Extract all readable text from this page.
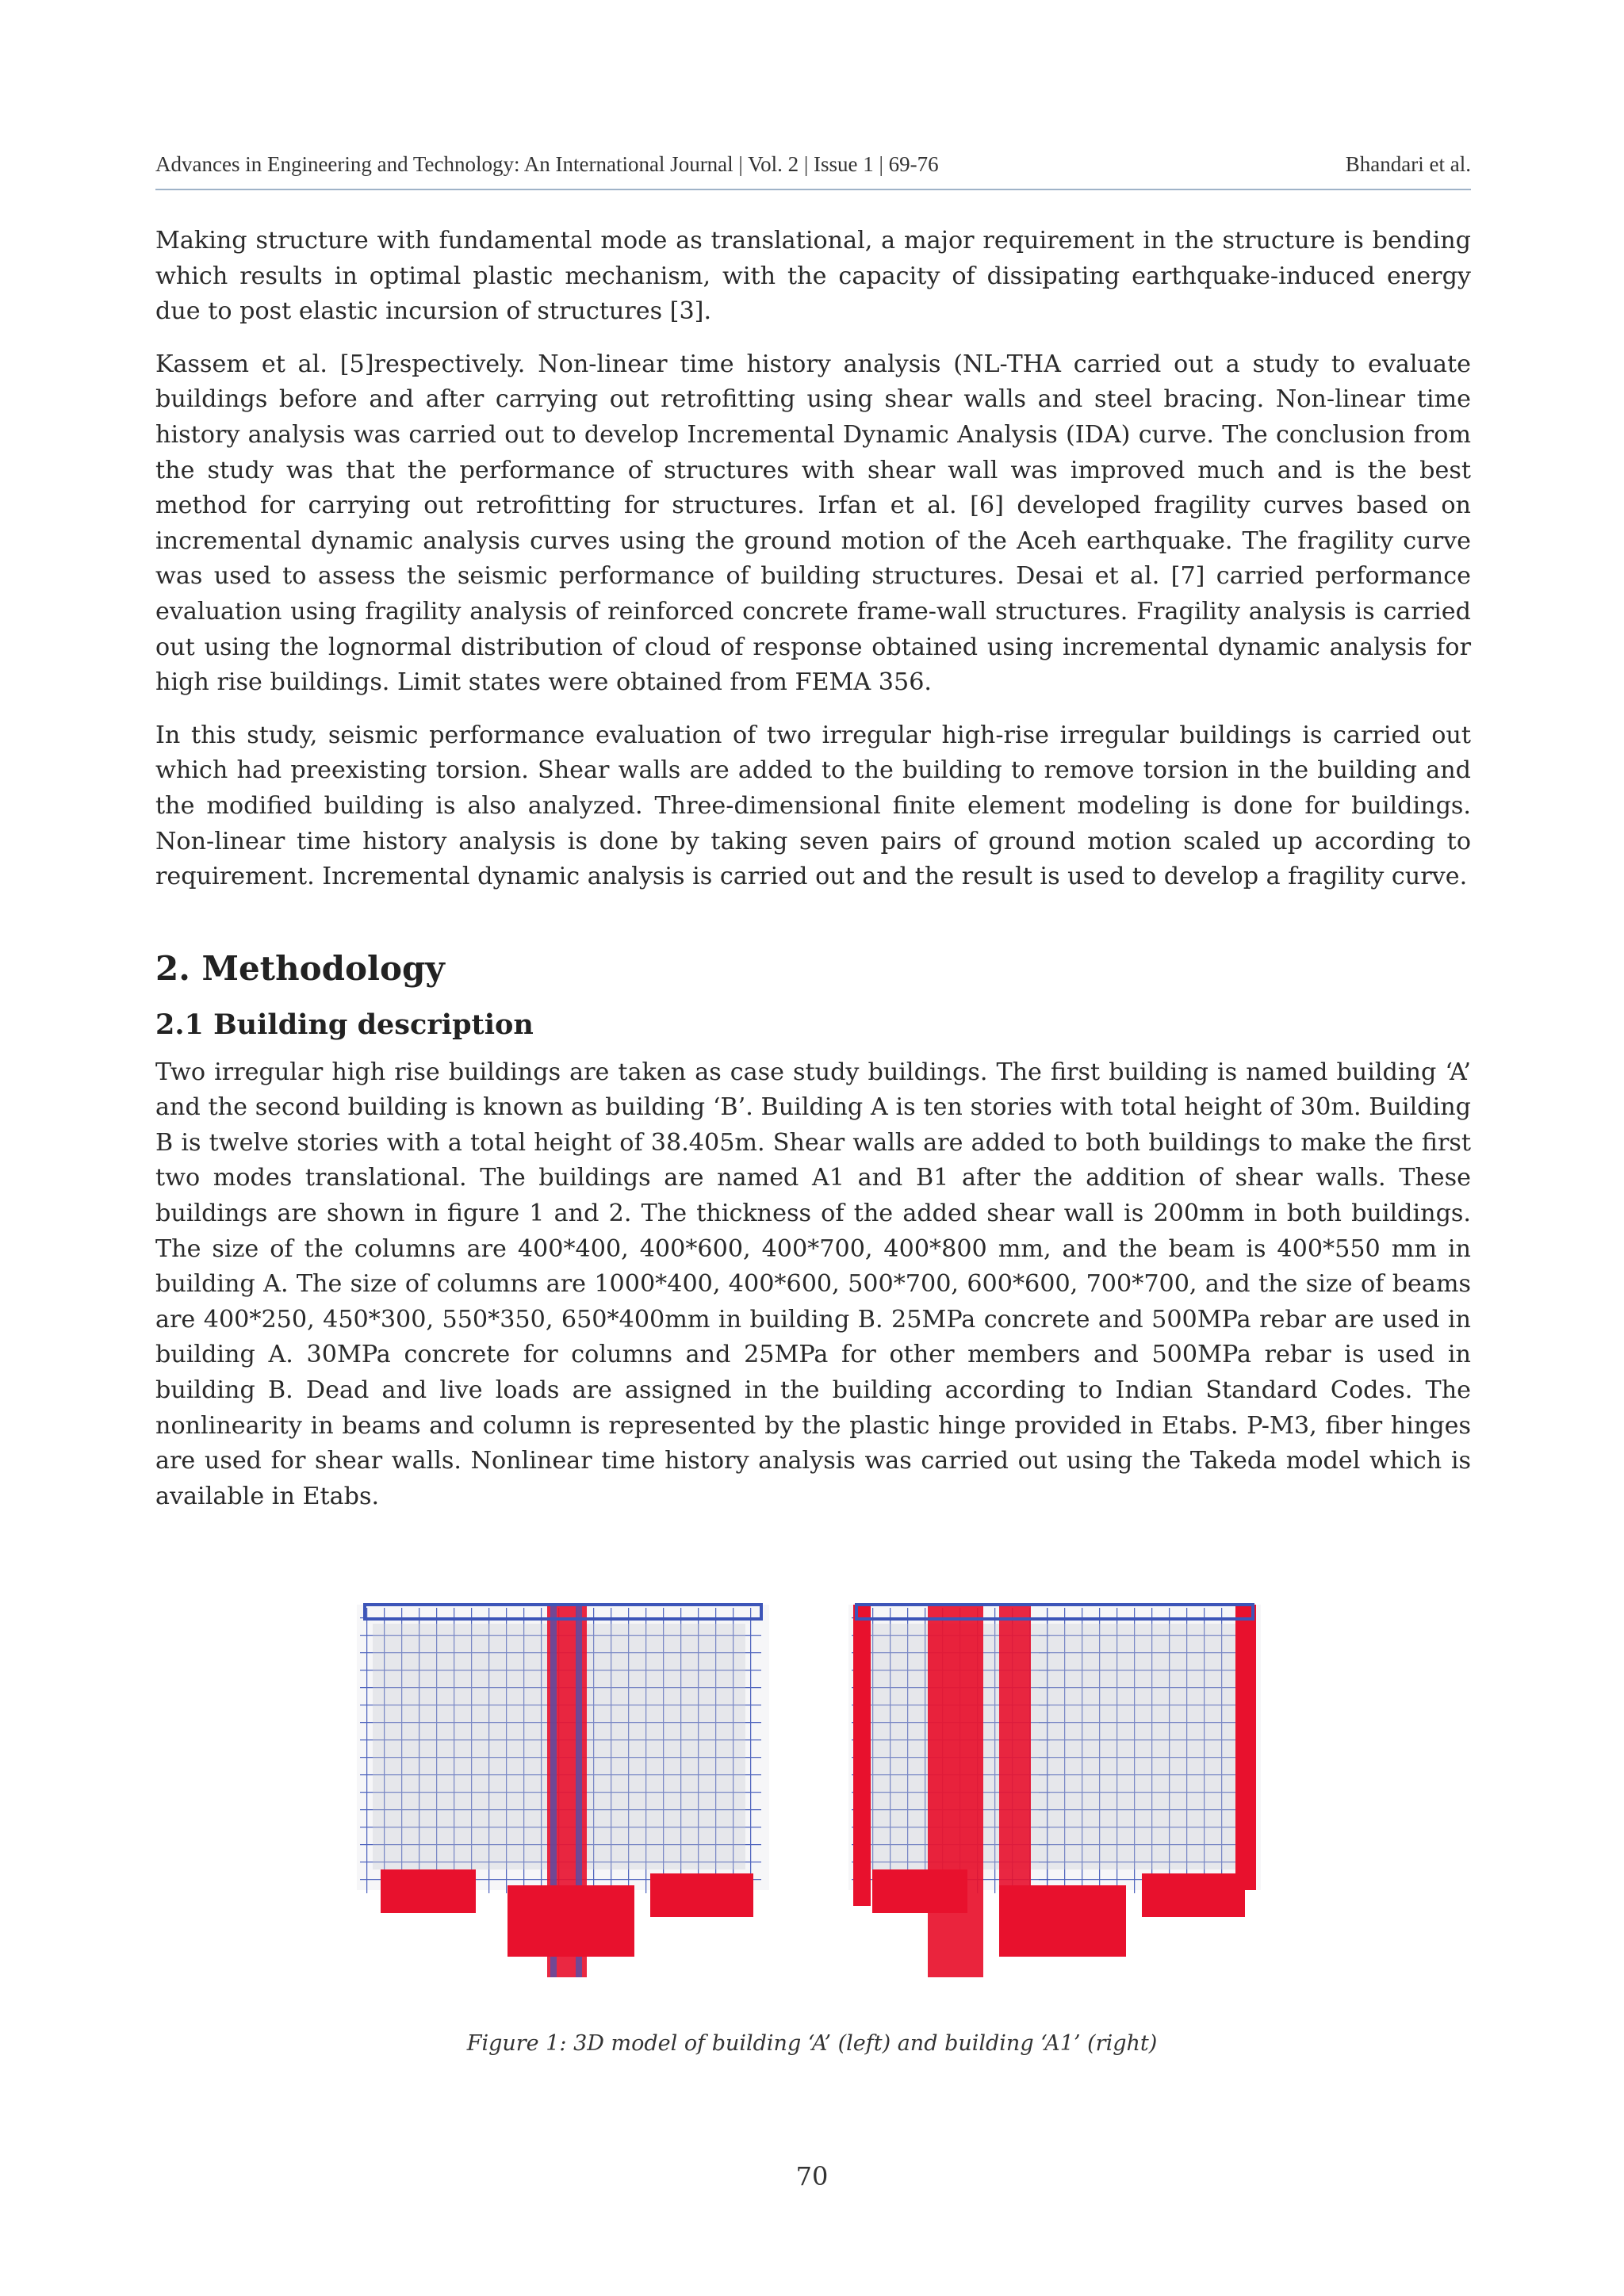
Advances in Engineering and Technology: An International Journal | Vol. 2 | Issue 1 | 69-76	Bhandari et al.

Making structure with fundamental mode as translational, a major requirement in the structure is bending which results in optimal plastic mechanism, with the capacity of dissipating earthquake-induced energy due to post elastic incursion of structures [3].

Kassem et al. [5]respectively. Non-linear time history analysis (NL-THA carried out a study to evaluate buildings before and after carrying out retrofitting using shear walls and steel bracing. Non-linear time history analysis was carried out to develop Incremental Dynamic Analysis (IDA) curve. The conclusion from the study was that the performance of structures with shear wall was improved much and is the best method for carrying out retrofitting for structures. Irfan et al. [6] developed fragility curves based on incremental dynamic analysis curves using the ground motion of the Aceh earthquake. The fragility curve was used to assess the seismic performance of building structures. Desai et al. [7] carried performance evaluation using fragility analysis of reinforced concrete frame-wall structures. Fragility analysis is carried out using the lognormal distribution of cloud of response obtained using incremental dynamic analysis for high rise buildings. Limit states were obtained from FEMA 356.

In this study, seismic performance evaluation of two irregular high-rise irregular buildings is carried out which had preexisting torsion. Shear walls are added to the building to remove torsion in the building and the modified building is also analyzed. Three-dimensional finite element modeling is done for buildings. Non-linear time history analysis is done by taking seven pairs of ground motion scaled up according to requirement. Incremental dynamic analysis is carried out and the result is used to develop a fragility curve.

2. Methodology
2.1 Building description

Two irregular high rise buildings are taken as case study buildings. The first building is named building ‘A’ and the second building is known as building ‘B’. Building A is ten stories with total height of 30m. Building B is twelve stories with a total height of 38.405m. Shear walls are added to both buildings to make the first two modes translational. The buildings are named A1 and B1 after the addition of shear walls. These buildings are shown in figure 1 and 2. The thickness of the added shear wall is 200mm in both buildings. The size of the columns are 400*400, 400*600, 400*700, 400*800 mm, and the beam is 400*550 mm in building A. The size of columns are 1000*400, 400*600, 500*700, 600*600, 700*700, and the size of beams are 400*250, 450*300, 550*350, 650*400mm in building B. 25MPa concrete and 500MPa rebar are used in building A. 30MPa concrete for columns and 25MPa for other members and 500MPa rebar is used in building B. Dead and live loads are assigned in the building according to Indian Standard Codes. The nonlinearity in beams and column is represented by the plastic hinge provided in Etabs. P-M3, fiber hinges are used for shear walls. Nonlinear time history analysis was carried out using the Takeda model which is available in Etabs.

Figure 1: 3D model of building ‘A’ (left) and building ‘A1’ (right)
70
